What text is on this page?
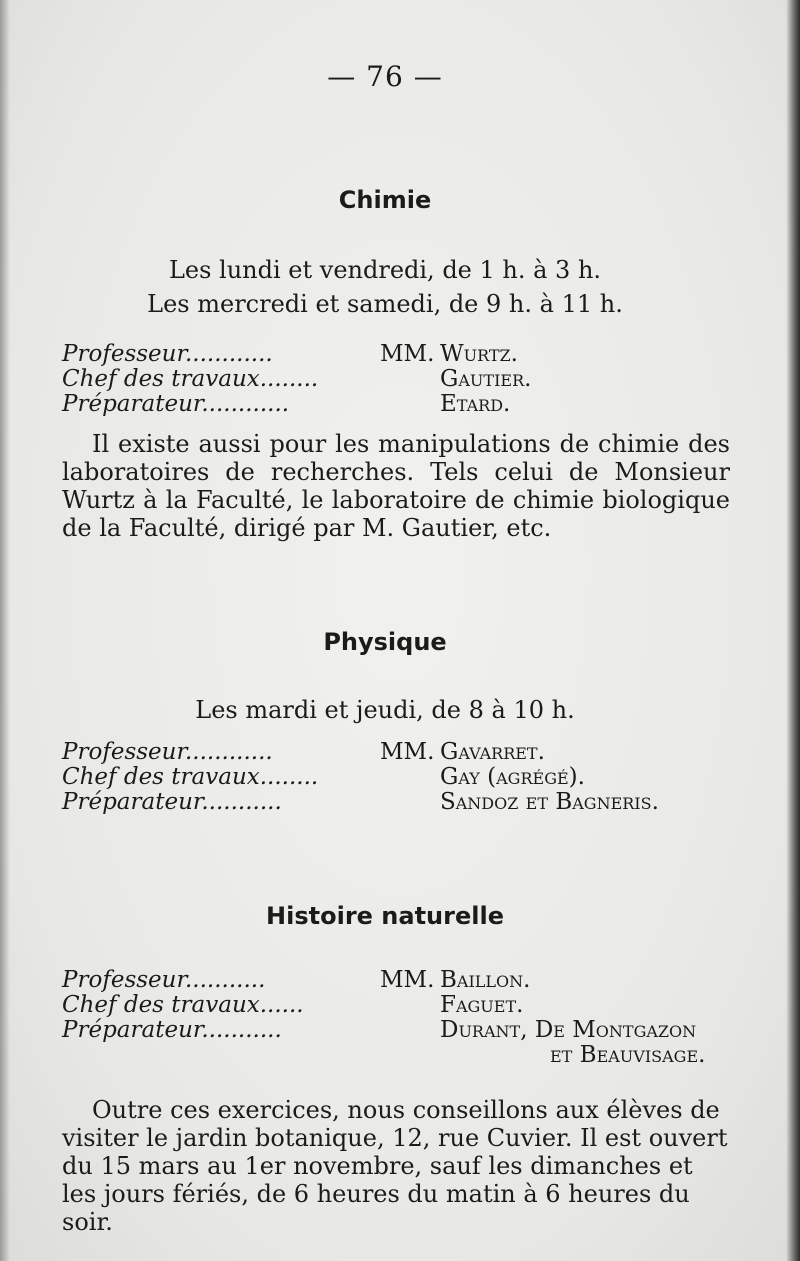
— 76 —
Chimie
Les lundi et vendredi, de 1 h. à 3 h.
Les mercredi et samedi, de 9 h. à 11 h.
Professeur............	MM. Wurtz.
Chef des travaux........	Gautier.
Préparateur............	Etard.

Il existe aussi pour les manipulations de chimie des laboratoires de recherches. Tels celui de Monsieur Wurtz à la Faculté, le laboratoire de chimie biologique de la Faculté, dirigé par M. Gautier, etc.

Physique
Les mardi et jeudi, de 8 à 10 h.
Professeur............	MM. Gavarret.
Chef des travaux........	Gay (agrégé).
Préparateur...........	Sandoz et Bagneris.
Histoire naturelle
Professeur...........	MM. Baillon.
Chef des travaux......	Faguet.
Préparateur...........	Durant, De Montgazon
et Beauvisage.

Outre ces exercices, nous conseillons aux élèves de visiter le jardin botanique, 12, rue Cuvier. Il est ouvert du 15 mars au 1er novembre, sauf les dimanches et les jours fériés, de 6 heures du matin à 6 heures du soir.
